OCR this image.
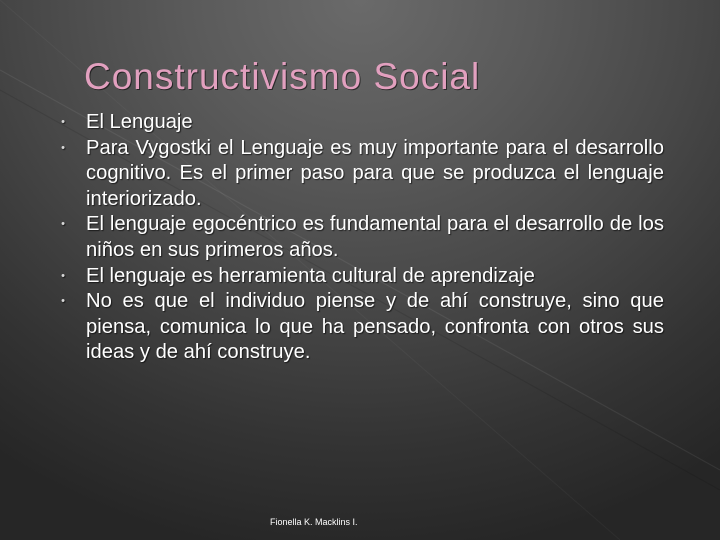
Constructivismo Social
• El Lenguaje
• Para Vygostki el Lenguaje es muy importante para el desarrollo cognitivo. Es el primer paso para que se produzca el lenguaje interiorizado.
• El lenguaje egocéntrico es fundamental para el desarrollo de los niños en sus primeros años.
• El lenguaje es herramienta cultural de aprendizaje
• No es que el individuo piense y de ahí construye, sino que piensa, comunica lo que ha pensado, confronta con otros sus ideas y de ahí construye.
Fionella K. Macklins I.
